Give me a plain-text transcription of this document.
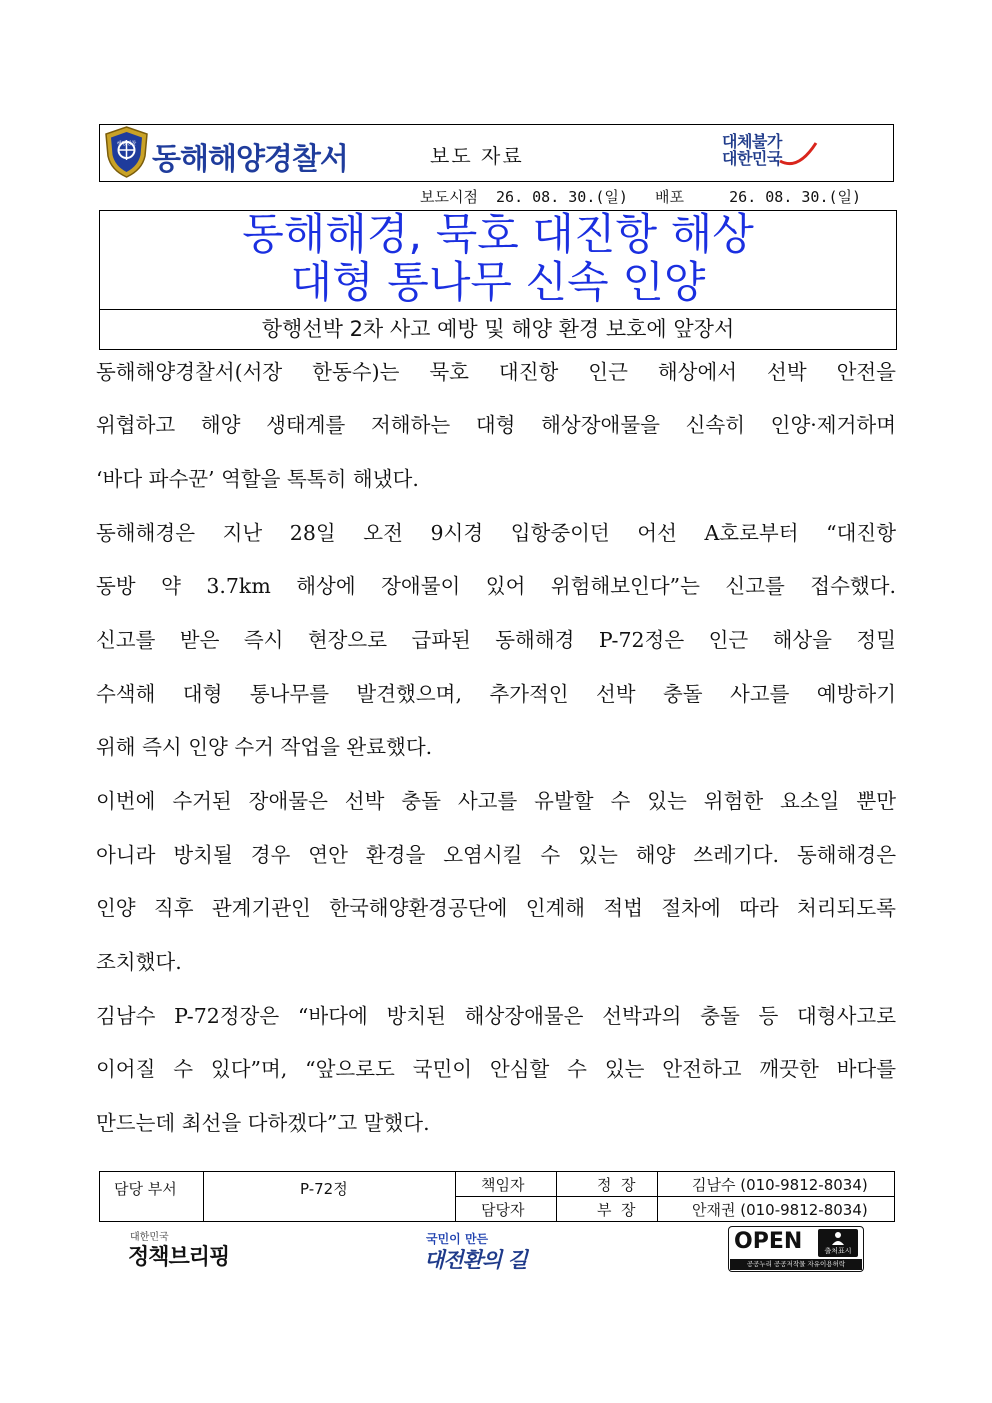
해양경찰 동해해양경찰서	보도 자료
대체불가
대한민국
보도시점 26. 08. 30.(일) 배포	26. 08. 30.(일)
동해해경, 묵호 대진항 해상
대형 통나무 신속 인양
항행선박 2차 사고 예방 및 해양 환경 보호에 앞장서
동해해양경찰서(서장 한동수)는 묵호 대진항 인근 해상에서 선박 안전을
위협하고 해양 생태계를 저해하는 대형 해상장애물을 신속히 인양·제거하며
‘바다 파수꾼’ 역할을 톡톡히 해냈다.
동해해경은 지난 28일 오전 9시경 입항중이던 어선 A호로부터 “대진항
동방 약 3.7km 해상에 장애물이 있어 위험해보인다”는 신고를 접수했다.
신고를 받은 즉시 현장으로 급파된 동해해경 P-72정은 인근 해상을 정밀
수색해 대형 통나무를 발견했으며, 추가적인 선박 충돌 사고를 예방하기
위해 즉시 인양 수거 작업을 완료했다.
이번에 수거된 장애물은 선박 충돌 사고를 유발할 수 있는 위험한 요소일 뿐만
아니라 방치될 경우 연안 환경을 오염시킬 수 있는 해양 쓰레기다. 동해해경은
인양 직후 관계기관인 한국해양환경공단에 인계해 적법 절차에 따라 처리되도록
조치했다.
김남수 P-72정장은 “바다에 방치된 해상장애물은 선박과의 충돌 등 대형사고로
이어질 수 있다”며, “앞으로도 국민이 안심할 수 있는 안전하고 깨끗한 바다를
만드는데 최선을 다하겠다”고 말했다.
담당 부서	P-72정	책임자	정  장	김남수 (010-9812-8034)
담당자	부  장	안재권 (010-9812-8034)
대한민국
정책브리핑
국민이 만든
대전환의 길
OPEN	출처표시
공공누리 공공저작물 자유이용허락
